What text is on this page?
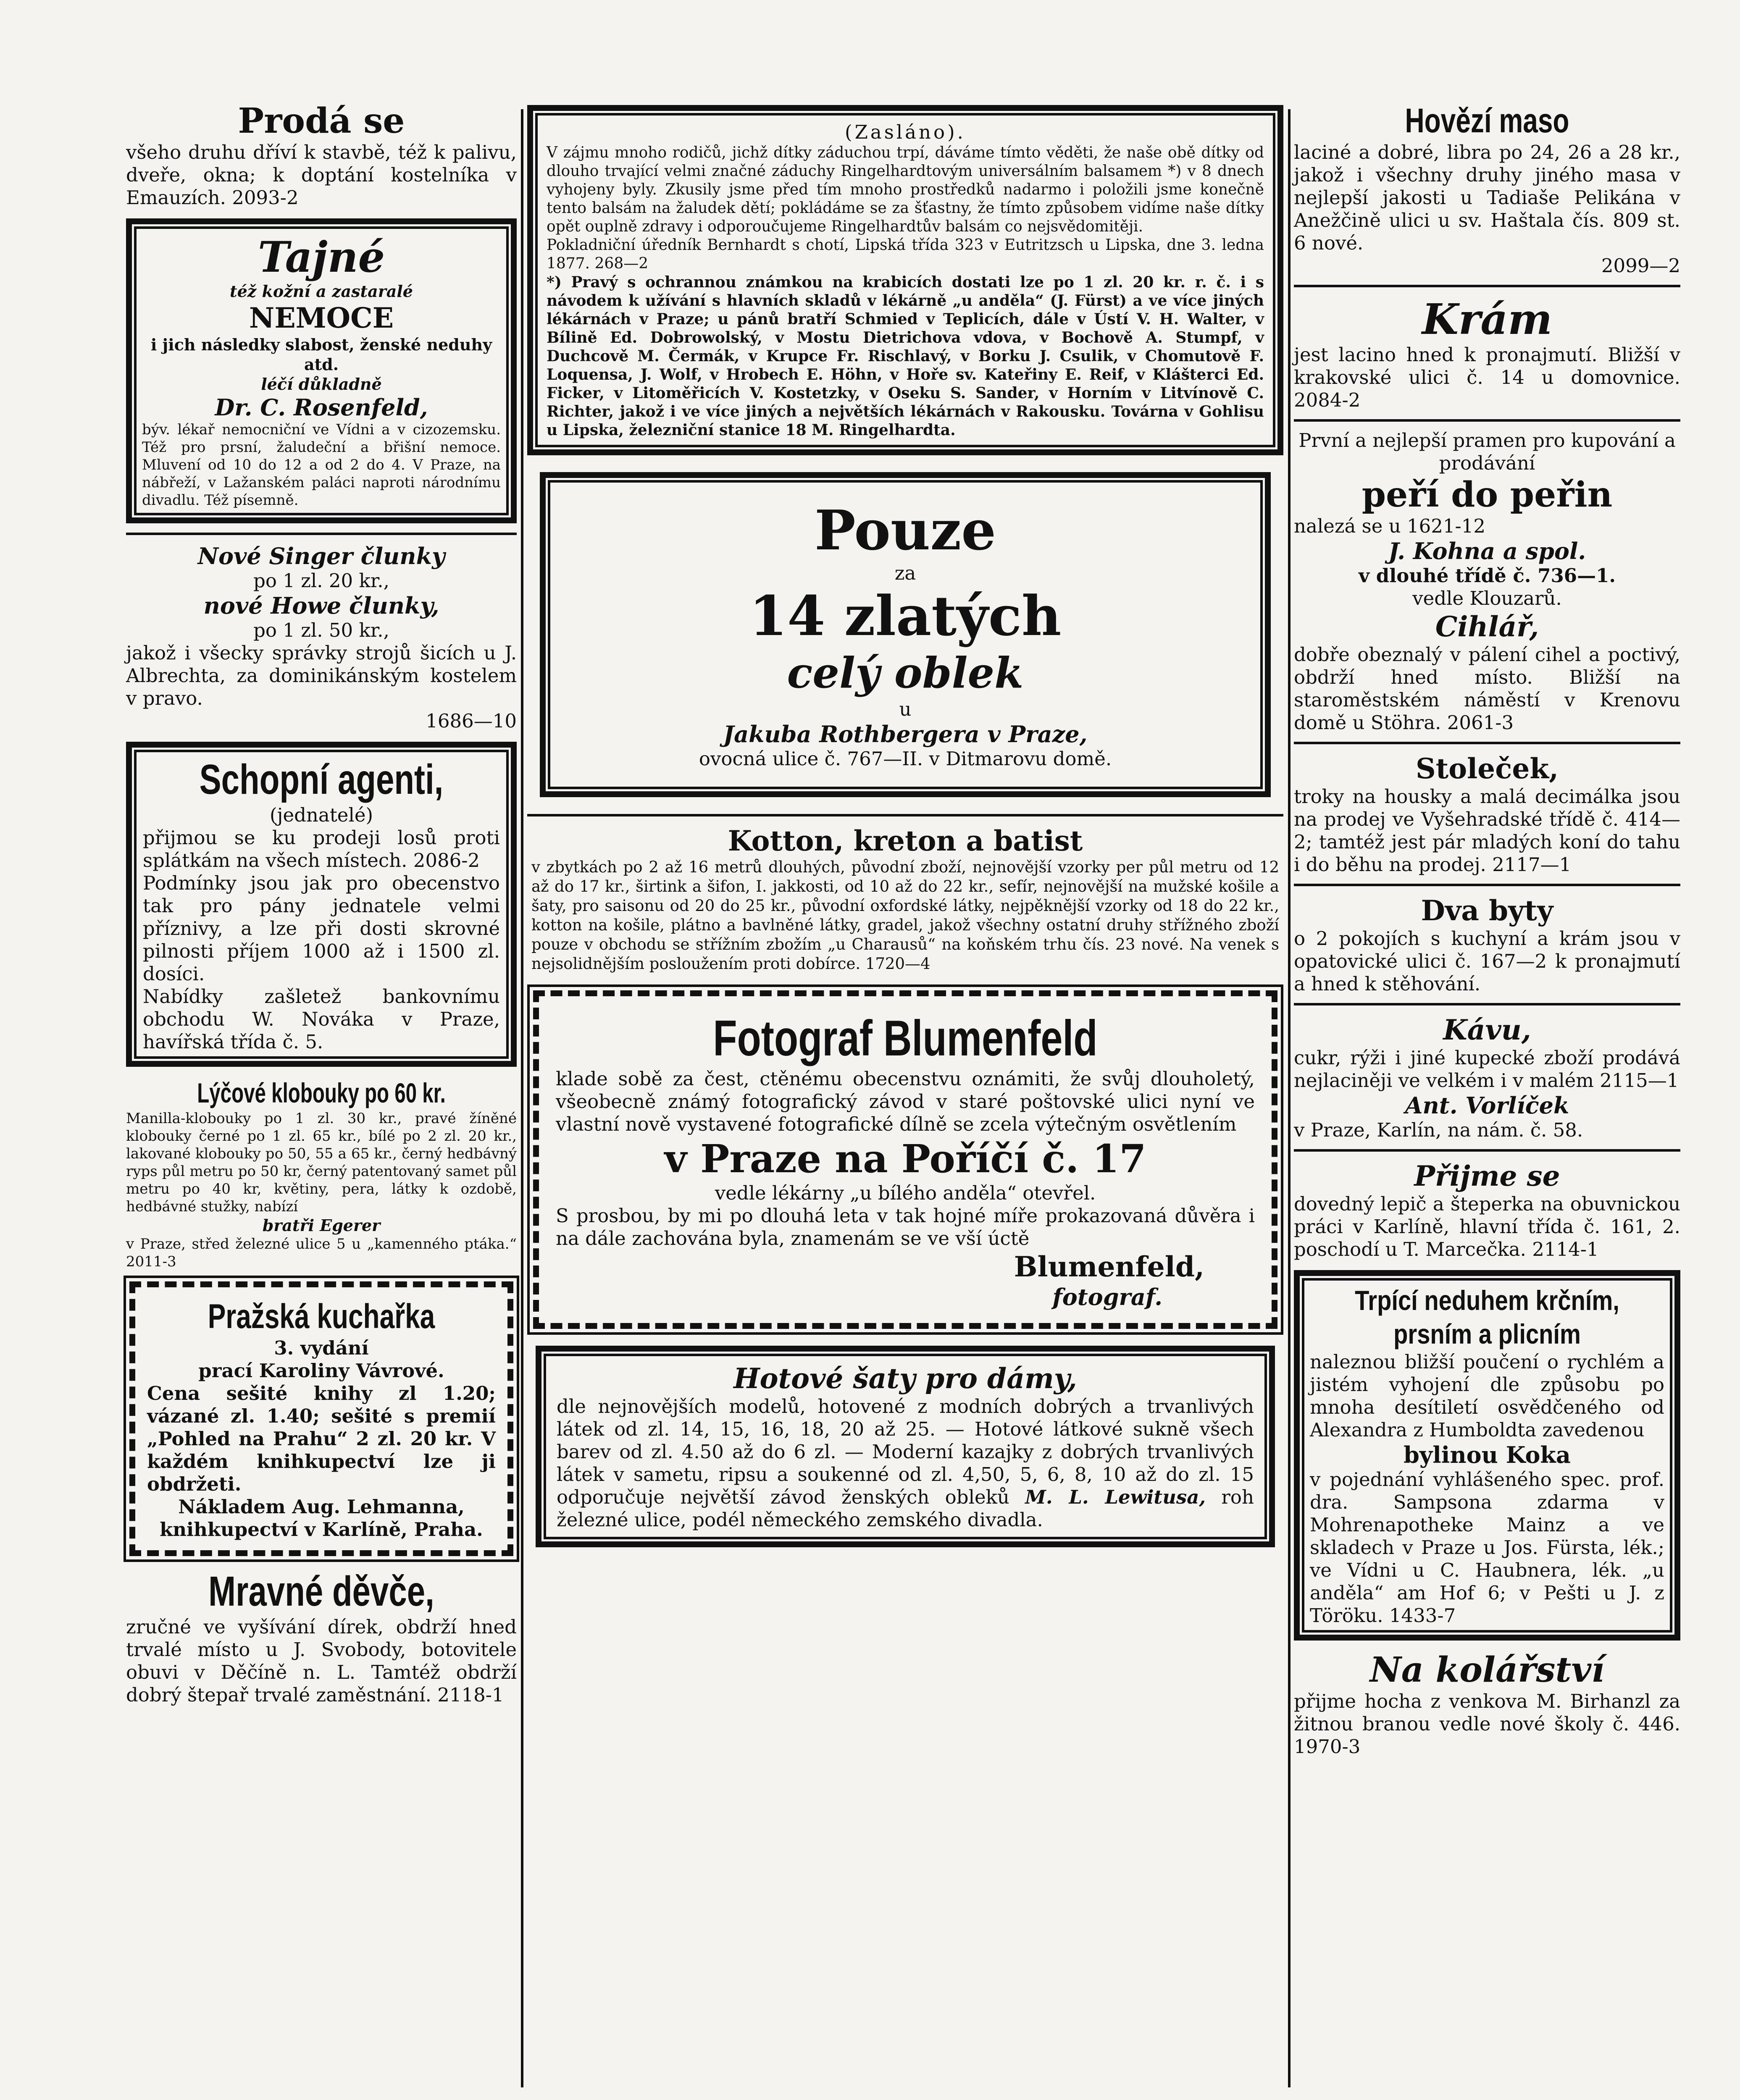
Prodá se

všeho druhu dříví k stavbě, též k palivu, dveře, okna; k doptání kostelníka v Emauzích. 2093-2

Tajné

též kožní a zastaralé

NEMOCE

i jich následky slabost, ženské neduhy atd.

léčí důkladně

Dr. C. Rosenfeld,

býv. lékař nemocniční ve Vídni a v cizozemsku. Též pro prsní, žaludeční a břišní nemoce. Mluvení od 10 do 12 a od 2 do 4. V Praze, na nábřeží, v Lažanském paláci naproti národnímu divadlu. Též písemně.

Nové Singer člunky

po 1 zl. 20 kr.,

nové Howe člunky,

po 1 zl. 50 kr.,

jakož i všecky správky strojů šicích u J. Albrechta, za dominikánským kostelem v pravo.

1686—10

Schopní agenti,

(jednatelé)

přijmou se ku prodeji losů proti splátkám na všech místech. 2086-2

Podmínky jsou jak pro obecenstvo tak pro pány jednatele velmi příznivy, a lze při dosti skrovné pilnosti příjem 1000 až i 1500 zl. dosíci.

Nabídky zašletež bankovnímu obchodu W. Nováka v Praze, havířská třída č. 5.

Lýčové klobouky po 60 kr.

Manilla-klobouky po 1 zl. 30 kr., pravé žíněné klobouky černé po 1 zl. 65 kr., bílé po 2 zl. 20 kr., lakované klobouky po 50, 55 a 65 kr., černý hedbávný ryps půl metru po 50 kr, černý patentovaný samet půl metru po 40 kr, květiny, pera, látky k ozdobě, hedbávné stužky, nabízí

bratři Egerer

v Praze, střed železné ulice 5 u „kamenného ptáka.“ 2011-3

Pražská kuchařka

3. vydání

prací Karoliny Vávrové.

Cena sešité knihy zl 1.20; vázané zl. 1.40; sešité s premií „Pohled na Prahu“ 2 zl. 20 kr. V každém knihkupectví lze ji obdržeti.

Nákladem Aug. Lehmanna, knihkupectví v Karlíně, Praha.

Mravné děvče,

zručné ve vyšívání dírek, obdrží hned trvalé místo u J. Svobody, botovitele obuvi v Děčíně n. L. Tamtéž obdrží dobrý štepař trvalé zaměstnání. 2118-1

(Zasláno).

V zájmu mnoho rodičů, jichž dítky záduchou trpí, dáváme tímto věděti, že naše obě dítky od dlouho trvající velmi značné záduchy Ringelhardtovým universálním balsamem *) v 8 dnech vyhojeny byly. Zkusily jsme před tím mnoho prostředků nadarmo i položili jsme konečně tento balsám na žaludek dětí; pokládáme se za šťastny, že tímto způsobem vidíme naše dítky opět ouplně zdravy i odporoučujeme Ringelhardtův balsám co nejsvědomitěji.

Pokladniční úředník Bernhardt s chotí, Lipská třída 323 v Eutritzsch u Lipska, dne 3. ledna 1877. 268—2

*) Pravý s ochrannou známkou na krabicích dostati lze po 1 zl. 20 kr. r. č. i s návodem k užívání s hlavních skladů v lékárně „u anděla“ (J. Fürst) a ve více jiných lékárnách v Praze; u pánů bratří Schmied v Teplicích, dále v Ústí V. H. Walter, v Bílině Ed. Dobrowolský, v Mostu Dietrichova vdova, v Bochově A. Stumpf, v Duchcově M. Čermák, v Krupce Fr. Rischlavý, v Borku J. Csulik, v Chomutově F. Loquensa, J. Wolf, v Hrobech E. Höhn, v Hoře sv. Kateřiny E. Reif, v Klášterci Ed. Ficker, v Litoměřicích V. Kostetzky, v Oseku S. Sander, v Horním v Litvínově C. Richter, jakož i ve více jiných a největších lékárnách v Rakousku. Továrna v Gohlisu u Lipska, železniční stanice 18 M. Ringelhardta.

Pouze

za

14 zlatých

celý oblek

u

Jakuba Rothbergera v Praze,

ovocná ulice č. 767—II. v Ditmarovu domě.

Kotton, kreton a batist

v zbytkách po 2 až 16 metrů dlouhých, původní zboží, nejnovější vzorky per půl metru od 12 až do 17 kr., širtink a šifon, I. jakkosti, od 10 až do 22 kr., sefír, nejnovější na mužské košile a šaty, pro saisonu od 20 do 25 kr., původní oxfordské látky, nejpěknější vzorky od 18 do 22 kr., kotton na košile, plátno a bavlněné látky, gradel, jakož všechny ostatní druhy střížného zboží pouze v obchodu se střížním zbožím „u Charausů“ na koňském trhu čís. 23 nové. Na venek s nejsolidnějším posloužením proti dobírce. 1720—4

Fotograf Blumenfeld

klade sobě za čest, ctěnému obecenstvu oznámiti, že svůj dlouholetý, všeobecně známý fotografický závod v staré poštovské ulici nyní ve vlastní nově vystavené fotografické dílně se zcela výtečným osvětlením

v Praze na Poříčí č. 17

vedle lékárny „u bílého anděla“ otevřel.

S prosbou, by mi po dlouhá leta v tak hojné míře prokazovaná důvěra i na dále zachována byla, znamenám se ve vší úctě

Blumenfeld,

fotograf.

Hotové šaty pro dámy,

dle nejnovějších modelů, hotovené z modních dobrých a trvanlivých látek od zl. 14, 15, 16, 18, 20 až 25. — Hotové látkové sukně všech barev od zl. 4.50 až do 6 zl. — Moderní kazajky z dobrých trvanlivých látek v sametu, ripsu a soukenné od zl. 4,50, 5, 6, 8, 10 až do zl. 15 odporučuje největší závod ženských obleků M. L. Lewitusa, roh železné ulice, podél německého zemského divadla.

Hovězí maso

laciné a dobré, libra po 24, 26 a 28 kr., jakož i všechny druhy jiného masa v nejlepší jakosti u Tadiaše Pelikána v Anežčině ulici u sv. Haštala čís. 809 st. 6 nové.

2099—2

Krám

jest lacino hned k pronajmutí. Bližší v krakovské ulici č. 14 u domovnice. 2084-2

První a nejlepší pramen pro kupování a prodávání

peří do peřin

nalezá se u 1621-12

J. Kohna a spol.

v dlouhé třídě č. 736—1.

vedle Klouzarů.

Cihlář,

dobře obeznalý v pálení cihel a poctivý, obdrží hned místo. Bližší na staroměstském náměstí v Krenovu domě u Stöhra. 2061-3

Stoleček,

troky na housky a malá decimálka jsou na prodej ve Vyšehradské třídě č. 414—2; tamtéž jest pár mladých koní do tahu i do běhu na prodej. 2117—1

Dva byty

o 2 pokojích s kuchyní a krám jsou v opatovické ulici č. 167—2 k pronajmutí a hned k stěhování.

Kávu,

cukr, rýži i jiné kupecké zboží prodává nejlaciněji ve velkém i v malém 2115—1

Ant. Vorlíček

v Praze, Karlín, na nám. č. 58.

Přijme se

dovedný lepič a šteperka na obuvnickou práci v Karlíně, hlavní třída č. 161, 2. poschodí u T. Marcečka. 2114-1

Trpící neduhem krčním, prsním a plicním

naleznou bližší poučení o rychlém a jistém vyhojení dle způsobu po mnoha desítiletí osvědčeného od Alexandra z Humboldta zavedenou

bylinou Koka

v pojednání vyhlášeného spec. prof. dra. Sampsona zdarma v Mohrenapotheke Mainz a ve skladech v Praze u Jos. Fürsta, lék.; ve Vídni u C. Haubnera, lék. „u anděla“ am Hof 6; v Pešti u J. z Töröku. 1433-7

Na kolářství

přijme hocha z venkova M. Birhanzl za žitnou branou vedle nové školy č. 446. 1970-3
